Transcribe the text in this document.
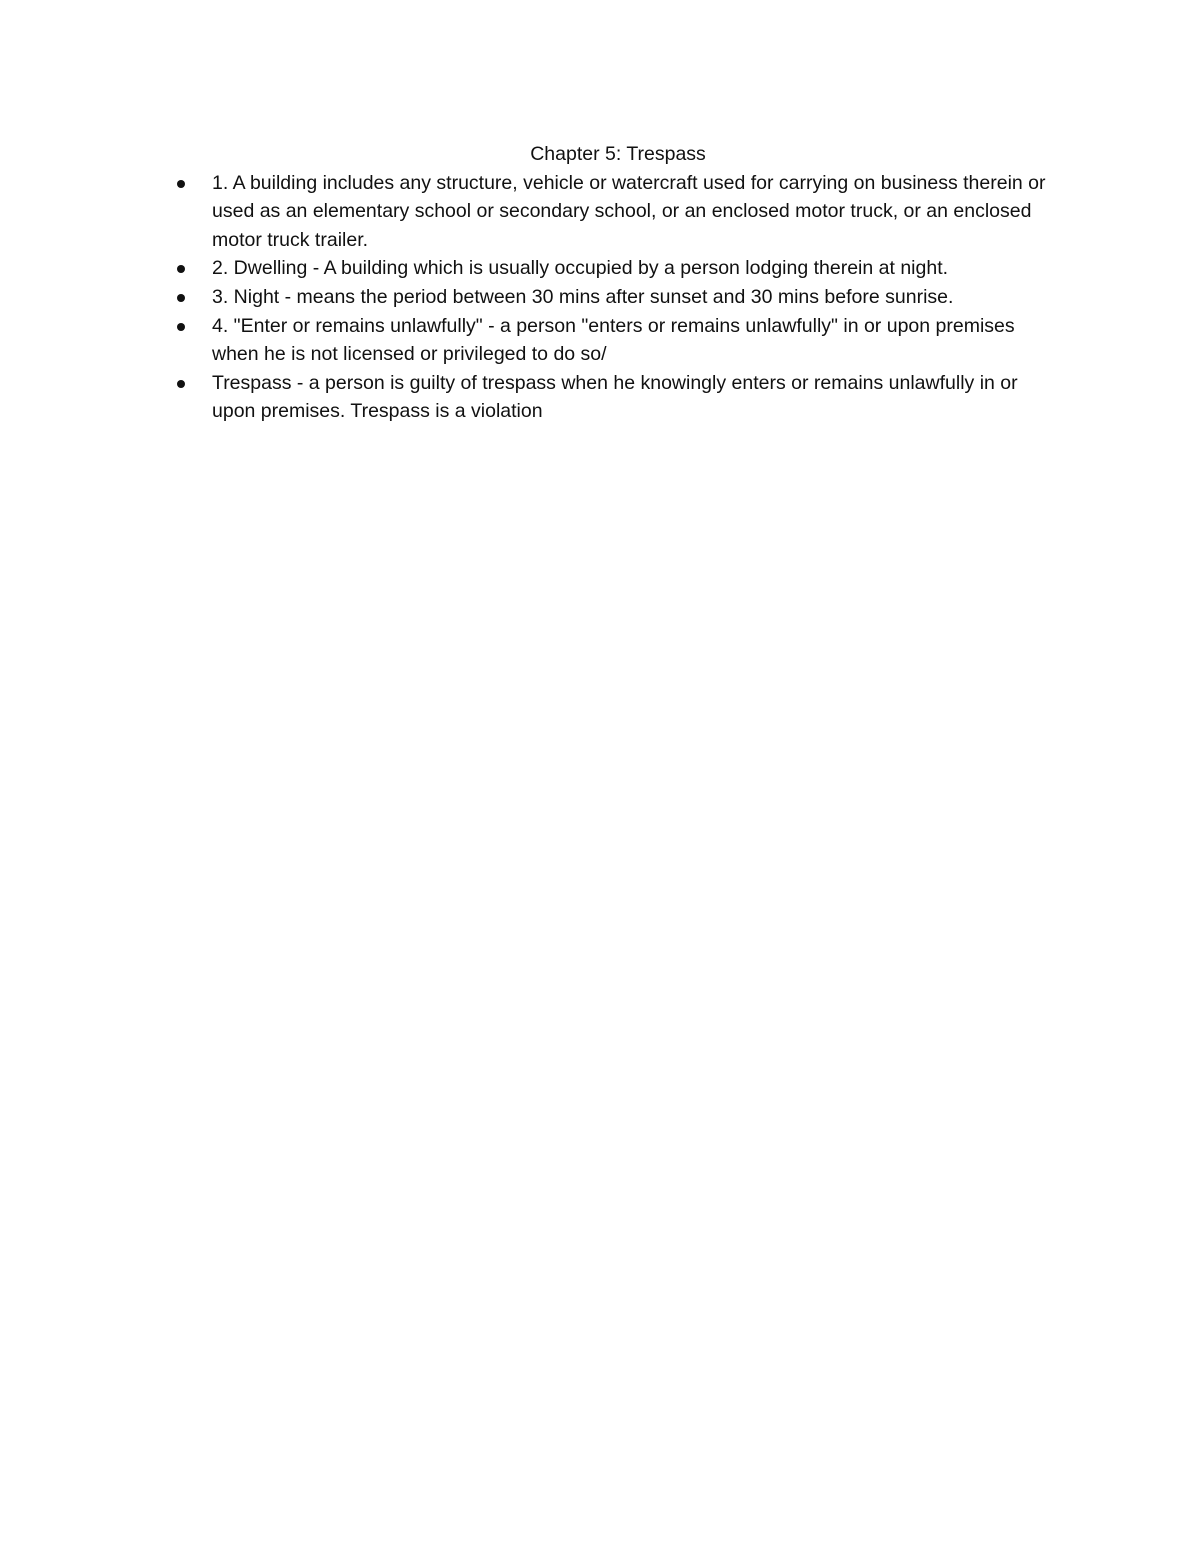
Chapter 5: Trespass
1. A building includes any structure, vehicle or watercraft used for carrying on business therein or used as an elementary school or secondary school, or an enclosed motor truck, or an enclosed motor truck trailer.
2. Dwelling - A building which is usually occupied by a person lodging therein at night.
3. Night - means the period between 30 mins after sunset and 30 mins before sunrise.
4. "Enter or remains unlawfully" - a person "enters or remains unlawfully" in or upon premises when he is not licensed or privileged to do so/
Trespass - a person is guilty of trespass when he knowingly enters or remains unlawfully in or upon premises. Trespass is a violation
